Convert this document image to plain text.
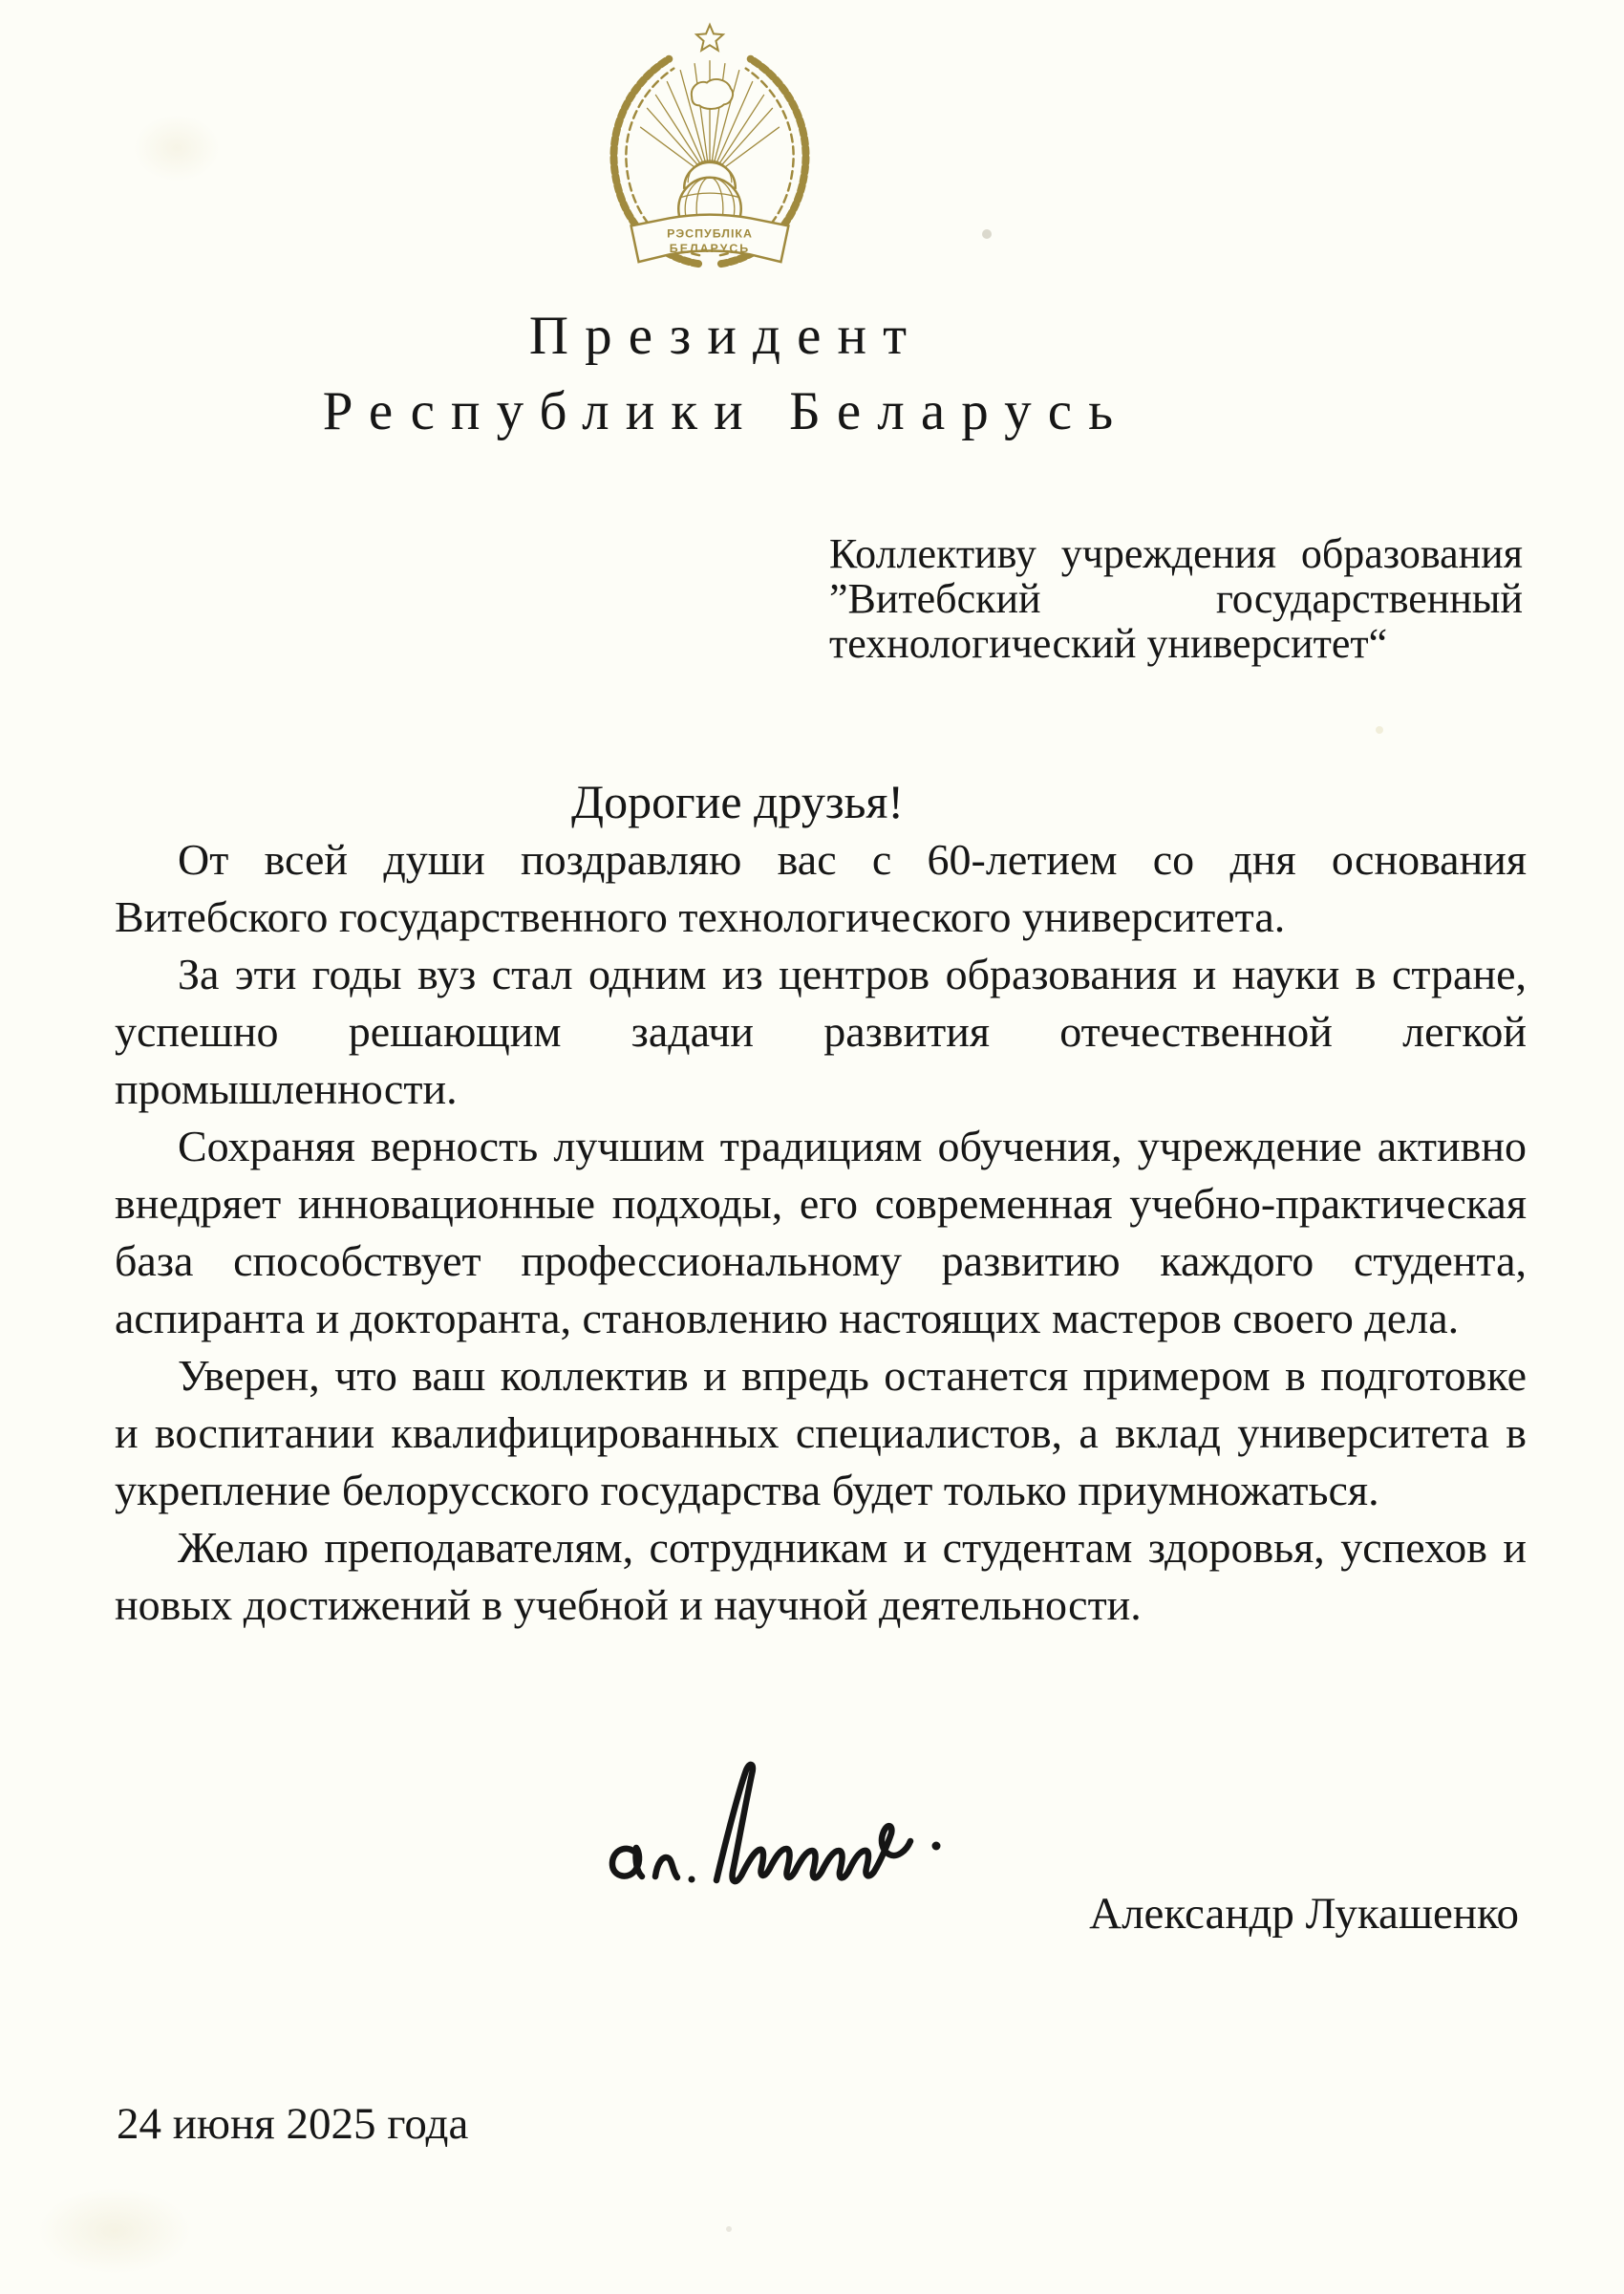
РЭСПУБЛІКА
БЕЛАРУСЬ
Президент
Республики Беларусь
Коллективу учреждения образования
”Витебский	государственный
технологический университет“
Дорогие друзья!

От всей души поздравляю вас с 60-летием со дня основания Витебского государственного технологического университета.

За эти годы вуз стал одним из центров образования и науки в стране, успешно решающим задачи развития отечественной легкой промышленности.

Сохраняя верность лучшим традициям обучения, учреждение активно внедряет инновационные подходы, его современная учебно-практическая база способствует профессиональному развитию каждого студента, аспиранта и докторанта, становлению настоящих мастеров своего дела.

Уверен, что ваш коллектив и впредь останется примером в подготовке и воспитании квалифицированных специалистов, а вклад университета в укрепление белорусского государства будет только приумножаться.

Желаю преподавателям, сотрудникам и студентам здоровья, успехов и новых достижений в учебной и научной деятельности.

Александр Лукашенко
24 июня 2025 года
